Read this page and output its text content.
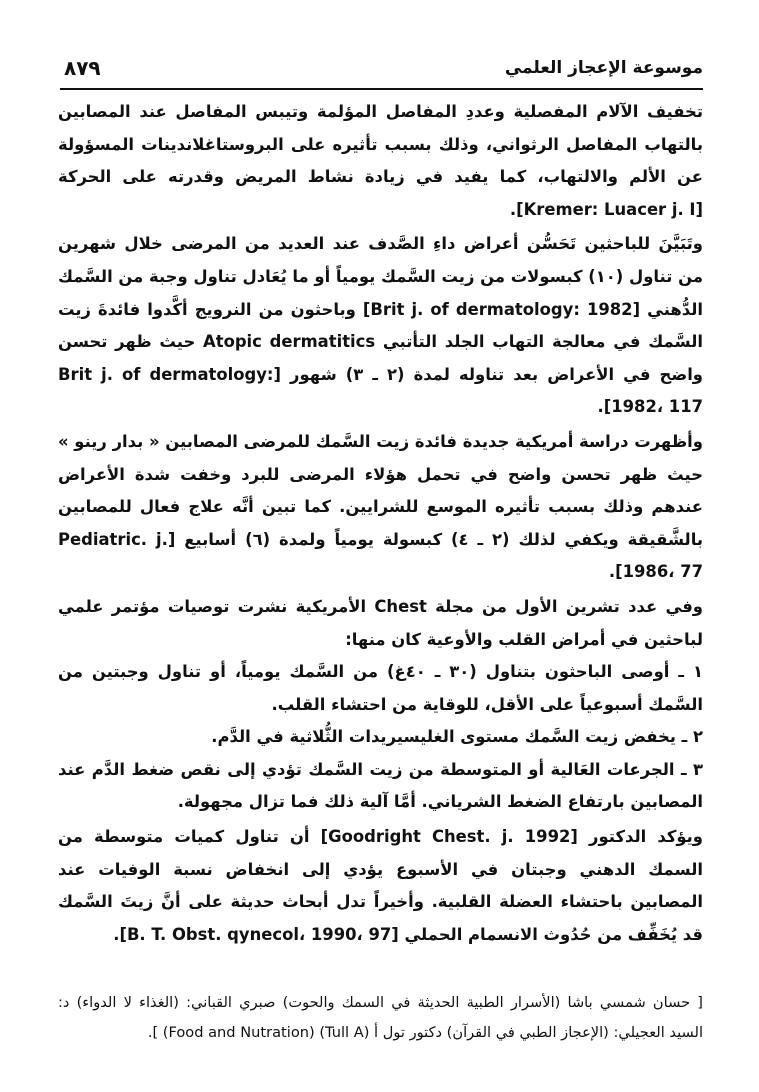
موسوعة الإعجاز العلمي
٨٧٩

تخفيف الآلام المفصلية وعددِ المفاصل المؤلمة وتيبس المفاصل عند المصابين بالتهاب المفاصل الرثواني، وذلك بسبب تأثيره على البروستاغلاندينات المسؤولة عن الألم والالتهاب، كما يفيد في زيادة نشاط المريض وقدرته على الحركة [Kremer: Luacer j. I].

وتَبَيَّنَ للباحثين تَحَسُّن أعراض داءِ الصَّدف عند العديد من المرضى خلال شهرين من تناول (١٠) كبسولات من زيت السَّمك يومياً أو ما يُعَادل تناول وجبة من السَّمك الدُّهني [Brit j. of dermatology: 1982] وباحثون من النرويج أكَّدوا فائدةَ زيت السَّمك في معالجة التهاب الجلد التأتبي Atopic dermatitics حيث ظهر تحسن واضح في الأعراض بعد تناوله لمدة (٢ ـ ٣) شهور [Brit j. of dermatology: 1982، 117].

وأظهرت دراسة أمريكية جديدة فائدة زيت السَّمك للمرضى المصابين « بدار رينو » حيث ظهر تحسن واضح في تحمل هؤلاء المرضى للبرد وخفت شدة الأعراض عندهم وذلك بسبب تأثيره الموسع للشرايين. كما تبين أنَّه علاج فعال للمصابين بالشَّقيقة ويكفي لذلك (٢ ـ ٤) كبسولة يومياً ولمدة (٦) أسابيع [Pediatric. j. 1986، 77].

وفي عدد تشرين الأول من مجلة Chest الأمريكية نشرت توصيات مؤتمر علمي لباحثين في أمراض القلب والأوعية كان منها:

١ ـ أوصى الباحثون بتناول (٣٠ ـ ٤٠غ) من السَّمك يومياً، أو تناول وجبتين من السَّمك أسبوعياً على الأقل، للوقاية من احتشاء القلب.

٢ ـ يخفض زيت السَّمك مستوى الغليسيريدات الثُّلاثية في الدَّم.

٣ ـ الجرعات العَالية أو المتوسطة من زيت السَّمك تؤدي إلى نقص ضغط الدَّم عند المصابين بارتفاع الضغط الشرياني. أمَّا آلية ذلك فما تزال مجهولة.

ويؤكد الدكتور [Goodright Chest. j. 1992] أن تناول كميات متوسطة من السمك الدهني وجبتان في الأسبوع يؤدي إلى انخفاض نسبة الوفيات عند المصابين باحتشاء العضلة القلبية. وأخيراً تدل أبحاث حديثة على أنَّ زيتَ السَّمك قد يُخَفِّف من حُدُوث الانسمام الحملي [B. T. Obst. qynecol، 1990، 97].

[ حسان شمسي باشا (الأسرار الطبية الحديثة في السمك والحوت) صبري القباني: (الغذاء لا الدواء) د: السيد العجيلي: (الإعجاز الطبي في القرآن) دكتور تول أ (Tull A) (Food and Nutration) ].
